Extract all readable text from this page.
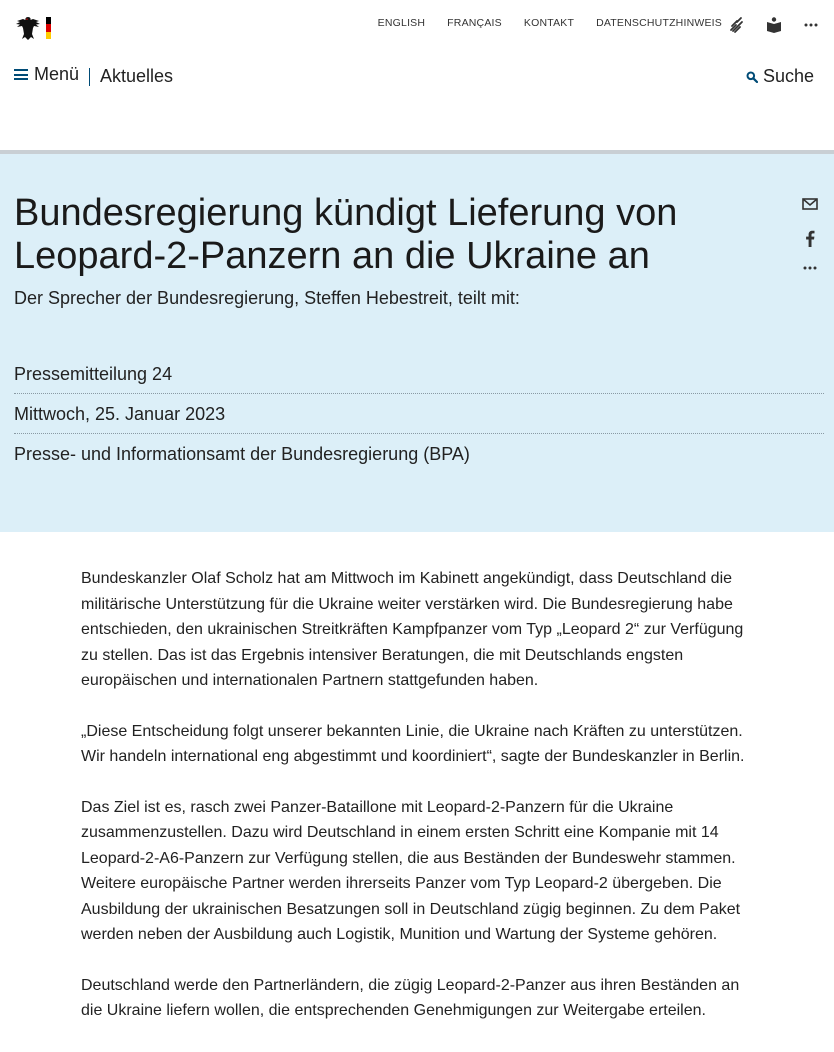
ENGLISH FRANÇAIS KONTAKT DATENSCHUTZHINWEIS
Menü Aktuelles	Suche
Bundesregierung kündigt Lieferung von Leopard-2-Panzern an die Ukraine an

Der Sprecher der Bundesregierung, Steffen Hebestreit, teilt mit:

Pressemitteilung 24
Mittwoch, 25. Januar 2023
Presse- und Informationsamt der Bundesregierung (BPA)

Bundeskanzler Olaf Scholz hat am Mittwoch im Kabinett angekündigt, dass Deutschland die militärische Unterstützung für die Ukraine weiter verstärken wird. Die Bundesregierung habe entschieden, den ukrainischen Streitkräften Kampfpanzer vom Typ „Leopard 2“ zur Verfügung zu stellen. Das ist das Ergebnis intensiver Beratungen, die mit Deutschlands engsten europäischen und internationalen Partnern stattgefunden haben.

„Diese Entscheidung folgt unserer bekannten Linie, die Ukraine nach Kräften zu unterstützen. Wir handeln international eng abgestimmt und koordiniert“, sagte der Bundeskanzler in Berlin.

Das Ziel ist es, rasch zwei Panzer-Bataillone mit Leopard-2-Panzern für die Ukraine zusammenzustellen. Dazu wird Deutschland in einem ersten Schritt eine Kompanie mit 14 Leopard-2-A6-Panzern zur Verfügung stellen, die aus Beständen der Bundeswehr stammen. Weitere europäische Partner werden ihrerseits Panzer vom Typ Leopard-2 übergeben. Die Ausbildung der ukrainischen Besatzungen soll in Deutschland zügig beginnen. Zu dem Paket werden neben der Ausbildung auch Logistik, Munition und Wartung der Systeme gehören.

Deutschland werde den Partnerländern, die zügig Leopard-2-Panzer aus ihren Beständen an die Ukraine liefern wollen, die entsprechenden Genehmigungen zur Weitergabe erteilen.
